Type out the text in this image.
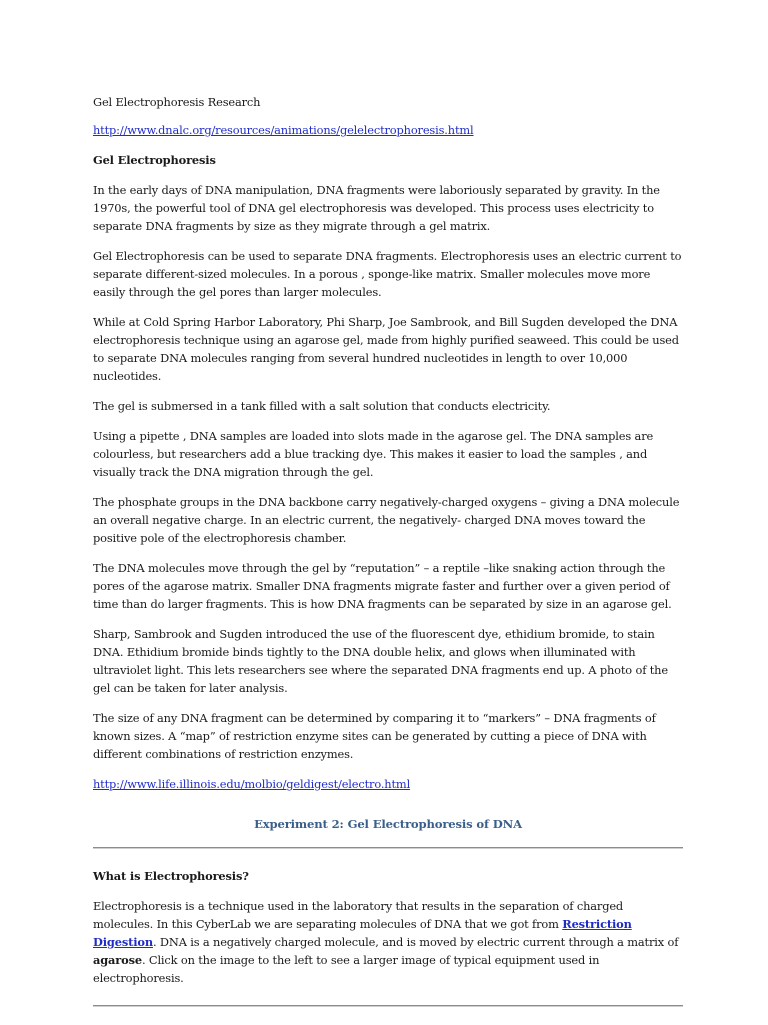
Gel Electrophoresis Research
http://www.dnalc.org/resources/animations/gelelectrophoresis.html
Gel Electrophoresis

In the early days of DNA manipulation, DNA fragments were laboriously separated by gravity. In the 1970s, the powerful tool of DNA gel electrophoresis was developed. This process uses electricity to separate DNA fragments by size as they migrate through a gel matrix.

Gel Electrophoresis can be used to separate DNA fragments. Electrophoresis uses an electric current to separate different-sized molecules. In a porous , sponge-like matrix. Smaller molecules move more easily through the gel pores than larger molecules.

While at Cold Spring Harbor Laboratory, Phi Sharp, Joe Sambrook, and Bill Sugden developed the DNA electrophoresis technique using an agarose gel, made from highly purified seaweed. This could be used to separate DNA molecules ranging from several hundred nucleotides in length to over 10,000 nucleotides.

The gel is submersed in a tank filled with a salt solution that conducts electricity.

Using a pipette , DNA samples are loaded into slots made in the agarose gel. The DNA samples are colourless, but researchers add a blue tracking dye. This makes it easier to load the samples , and visually track the DNA migration through the gel.

The phosphate groups in the DNA backbone carry negatively-charged oxygens – giving a DNA molecule an overall negative charge. In an electric current, the negatively- charged DNA moves toward the positive pole of the electrophoresis chamber.

The DNA molecules move through the gel by “reputation” – a reptile –like snaking action through the pores of the agarose matrix. Smaller DNA fragments migrate faster and further over a given period of time than do larger fragments. This is how DNA fragments can be separated by size in an agarose gel.

Sharp, Sambrook and Sugden introduced the use of the fluorescent dye, ethidium bromide, to stain DNA. Ethidium bromide binds tightly to the DNA double helix, and glows when illuminated with ultraviolet light. This lets researchers see where the separated DNA fragments end up. A photo of the gel can be taken for later analysis.

The size of any DNA fragment can be determined by comparing it to “markers” – DNA fragments of known sizes. A “map” of restriction enzyme sites can be generated by cutting a piece of DNA with different combinations of restriction enzymes.

http://www.life.illinois.edu/molbio/geldigest/electro.html
Experiment 2: Gel Electrophoresis of DNA
What is Electrophoresis?

Electrophoresis is a technique used in the laboratory that results in the separation of charged molecules. In this CyberLab we are separating molecules of DNA that we got from Restriction Digestion. DNA is a negatively charged molecule, and is moved by electric current through a matrix of agarose. Click on the image to the left to see a larger image of typical equipment used in electrophoresis.
